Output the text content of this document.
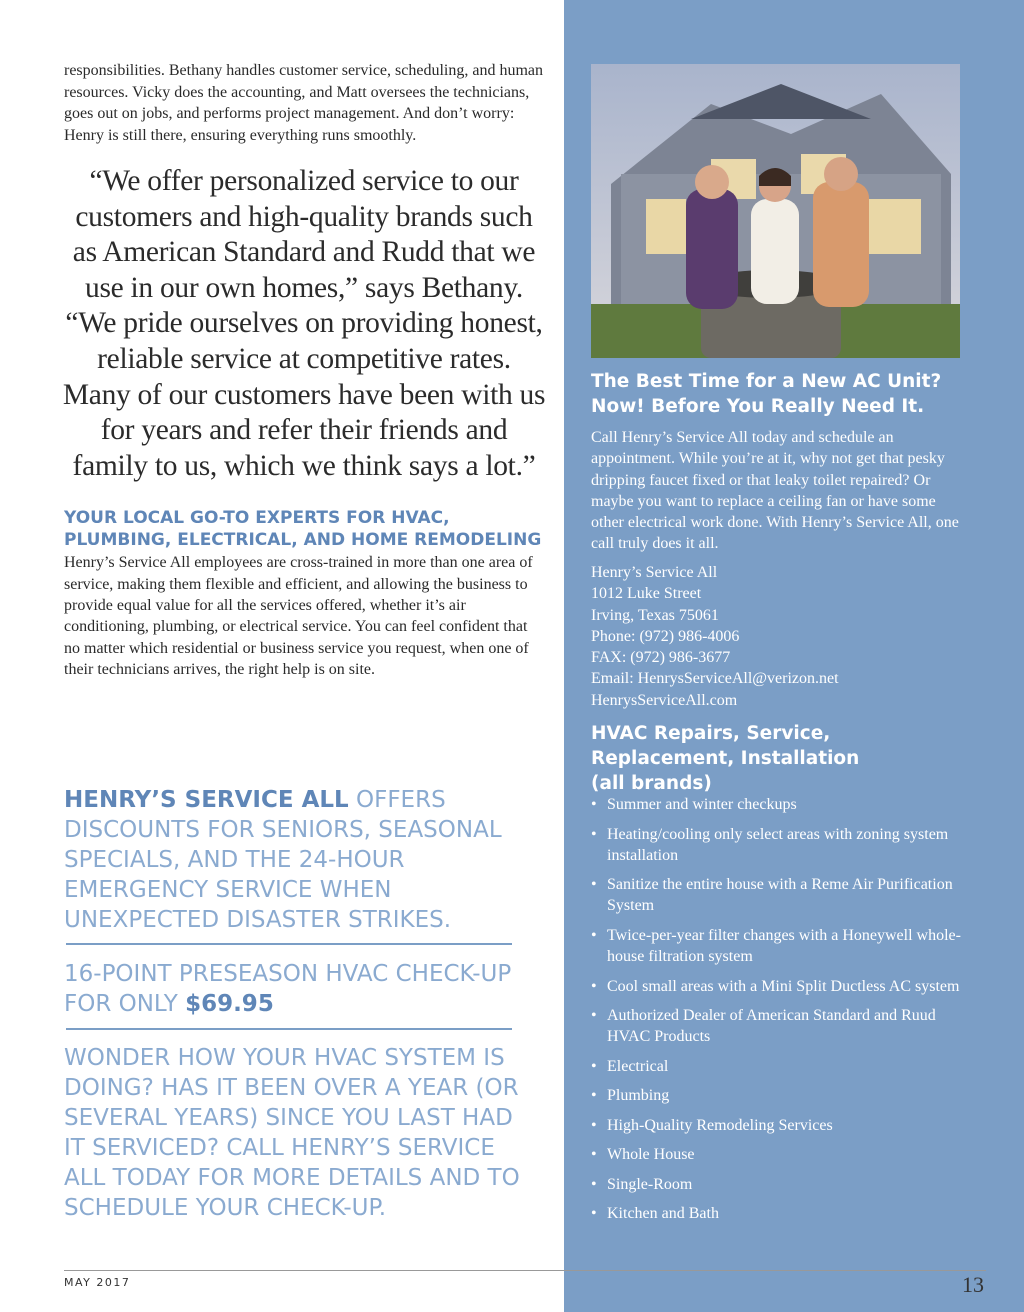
responsibilities. Bethany handles customer service, scheduling, and human resources. Vicky does the accounting, and Matt oversees the technicians, goes out on jobs, and performs project management. And don’t worry: Henry is still there, ensuring everything runs smoothly.

“We offer personalized service to our customers and high-quality brands such as American Standard and Rudd that we use in our own homes,” says Bethany. “We pride ourselves on providing honest, reliable service at competitive rates. Many of our customers have been with us for years and refer their friends and family to us, which we think says a lot.”

YOUR LOCAL GO-TO EXPERTS FOR HVAC, PLUMBING, ELECTRICAL, AND HOME REMODELING

Henry’s Service All employees are cross-trained in more than one area of service, making them flexible and efficient, and allowing the business to provide equal value for all the services offered, whether it’s air conditioning, plumbing, or electrical service. You can feel confident that no matter which residential or business service you request, when one of their technicians arrives, the right help is on site.

HENRY’S SERVICE ALL OFFERS DISCOUNTS FOR SENIORS, SEASONAL SPECIALS, AND THE 24-HOUR EMERGENCY SERVICE WHEN UNEXPECTED DISASTER STRIKES.

16-POINT PRESEASON HVAC CHECK-UP FOR ONLY $69.95

WONDER HOW YOUR HVAC SYSTEM IS DOING? HAS IT BEEN OVER A YEAR (OR SEVERAL YEARS) SINCE YOU LAST HAD IT SERVICED? CALL HENRY’S SERVICE ALL TODAY FOR MORE DETAILS AND TO SCHEDULE YOUR CHECK-UP.

The Best Time for a New AC Unit? Now! Before You Really Need It.

Call Henry’s Service All today and schedule an appointment. While you’re at it, why not get that pesky dripping faucet fixed or that leaky toilet repaired? Or maybe you want to replace a ceiling fan or have some other electrical work done. With Henry’s Service All, one call truly does it all.

Henry’s Service All
1012 Luke Street
Irving, Texas 75061
Phone: (972) 986-4006
FAX: (972) 986-3677
Email: HenrysServiceAll@verizon.net
HenrysServiceAll.com
HVAC Repairs, Service, Replacement, Installation (all brands)
• Summer and winter checkups
• Heating/cooling only select areas with zoning system installation
• Sanitize the entire house with a Reme Air Purification System
• Twice-per-year filter changes with a Honeywell whole-house filtration system
• Cool small areas with a Mini Split Ductless AC system
• Authorized Dealer of American Standard and Ruud HVAC Products
• Electrical
• Plumbing
• High-Quality Remodeling Services
• Whole House
• Single-Room
• Kitchen and Bath
MAY 2017	13
